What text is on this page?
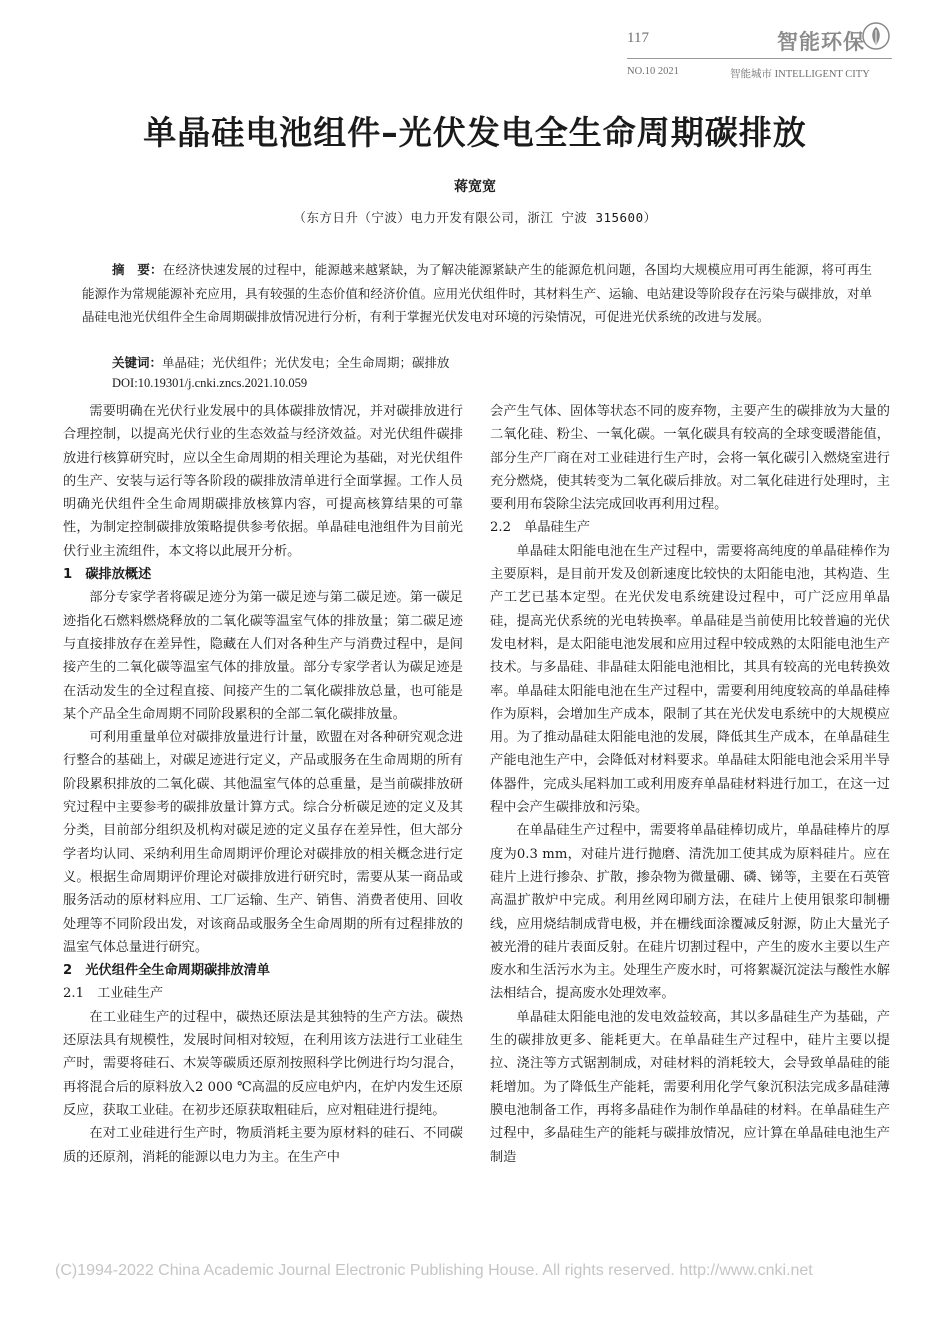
117	智能环保
NO.10 2021	智能城市 INTELLIGENT CITY
单晶硅电池组件–光伏发电全生命周期碳排放
蒋宽宽
（东方日升（宁波）电力开发有限公司，浙江 宁波 315600）
摘　要：在经济快速发展的过程中，能源越来越紧缺，为了解决能源紧缺产生的能源危机问题，各国均大规模应用可再生能源，将可再生能源作为常规能源补充应用，具有较强的生态价值和经济价值。应用光伏组件时，其材料生产、运输、电站建设等阶段存在污染与碳排放，对单晶硅电池光伏组件全生命周期碳排放情况进行分析，有利于掌握光伏发电对环境的污染情况，可促进光伏系统的改进与发展。
关键词：单晶硅；光伏组件；光伏发电；全生命周期；碳排放
DOI:10.19301/j.cnki.zncs.2021.10.059

需要明确在光伏行业发展中的具体碳排放情况，并对碳排放进行合理控制，以提高光伏行业的生态效益与经济效益。对光伏组件碳排放进行核算研究时，应以全生命周期的相关理论为基础，对光伏组件的生产、安装与运行等各阶段的碳排放清单进行全面掌握。工作人员明确光伏组件全生命周期碳排放核算内容，可提高核算结果的可靠性，为制定控制碳排放策略提供参考依据。单晶硅电池组件为目前光伏行业主流组件，本文将以此展开分析。

1　碳排放概述

部分专家学者将碳足迹分为第一碳足迹与第二碳足迹。第一碳足迹指化石燃料燃烧释放的二氧化碳等温室气体的排放量；第二碳足迹与直接排放存在差异性，隐藏在人们对各种生产与消费过程中，是间接产生的二氧化碳等温室气体的排放量。部分专家学者认为碳足迹是在活动发生的全过程直接、间接产生的二氧化碳排放总量，也可能是某个产品全生命周期不同阶段累积的全部二氧化碳排放量。

可利用重量单位对碳排放量进行计量，欧盟在对各种研究观念进行整合的基础上，对碳足迹进行定义，产品或服务在生命周期的所有阶段累积排放的二氧化碳、其他温室气体的总重量，是当前碳排放研究过程中主要参考的碳排放量计算方式。综合分析碳足迹的定义及其分类，目前部分组织及机构对碳足迹的定义虽存在差异性，但大部分学者均认同、采纳利用生命周期评价理论对碳排放的相关概念进行定义。根据生命周期评价理论对碳排放进行研究时，需要从某一商品或服务活动的原材料应用、工厂运输、生产、销售、消费者使用、回收处理等不同阶段出发，对该商品或服务全生命周期的所有过程排放的温室气体总量进行研究。

2　光伏组件全生命周期碳排放清单
2.1　工业硅生产

在工业硅生产的过程中，碳热还原法是其独特的生产方法。碳热还原法具有规模性，发展时间相对较短，在利用该方法进行工业硅生产时，需要将硅石、木炭等碳质还原剂按照科学比例进行均匀混合，再将混合后的原料放入2 000 ℃高温的反应电炉内，在炉内发生还原反应，获取工业硅。在初步还原获取粗硅后，应对粗硅进行提纯。

在对工业硅进行生产时，物质消耗主要为原材料的硅石、不同碳质的还原剂，消耗的能源以电力为主。在生产中

会产生气体、固体等状态不同的废弃物，主要产生的碳排放为大量的二氧化硅、粉尘、一氧化碳。一氧化碳具有较高的全球变暖潜能值，部分生产厂商在对工业硅进行生产时，会将一氧化碳引入燃烧室进行充分燃烧，使其转变为二氧化碳后排放。对二氧化硅进行处理时，主要利用布袋除尘法完成回收再利用过程。

2.2　单晶硅生产

单晶硅太阳能电池在生产过程中，需要将高纯度的单晶硅棒作为主要原料，是目前开发及创新速度比较快的太阳能电池，其构造、生产工艺已基本定型。在光伏发电系统建设过程中，可广泛应用单晶硅，提高光伏系统的光电转换率。单晶硅是当前使用比较普遍的光伏发电材料，是太阳能电池发展和应用过程中较成熟的太阳能电池生产技术。与多晶硅、非晶硅太阳能电池相比，其具有较高的光电转换效率。单晶硅太阳能电池在生产过程中，需要利用纯度较高的单晶硅棒作为原料，会增加生产成本，限制了其在光伏发电系统中的大规模应用。为了推动晶硅太阳能电池的发展，降低其生产成本，在单晶硅生产能电池生产中，会降低对材料要求。单晶硅太阳能电池会采用半导体器件，完成头尾料加工或利用废弃单晶硅材料进行加工，在这一过程中会产生碳排放和污染。

在单晶硅生产过程中，需要将单晶硅棒切成片，单晶硅棒片的厚度为0.3 mm，对硅片进行抛磨、清洗加工使其成为原料硅片。应在硅片上进行掺杂、扩散，掺杂物为微量硼、磷、锑等，主要在石英管高温扩散炉中完成。利用丝网印刷方法，在硅片上使用银浆印制栅线，应用烧结制成背电极，并在栅线面涂覆减反射源，防止大量光子被光滑的硅片表面反射。在硅片切割过程中，产生的废水主要以生产废水和生活污水为主。处理生产废水时，可将絮凝沉淀法与酸性水解法相结合，提高废水处理效率。

单晶硅太阳能电池的发电效益较高，其以多晶硅生产为基础，产生的碳排放更多、能耗更大。在单晶硅生产过程中，硅片主要以提拉、浇注等方式锯割制成，对硅材料的消耗较大，会导致单晶硅的能耗增加。为了降低生产能耗，需要利用化学气象沉积法完成多晶硅薄膜电池制备工作，再将多晶硅作为制作单晶硅的材料。在单晶硅生产过程中，多晶硅生产的能耗与碳排放情况，应计算在单晶硅电池生产制造

(C)1994-2022 China Academic Journal Electronic Publishing House. All rights reserved. http://www.cnki.net
